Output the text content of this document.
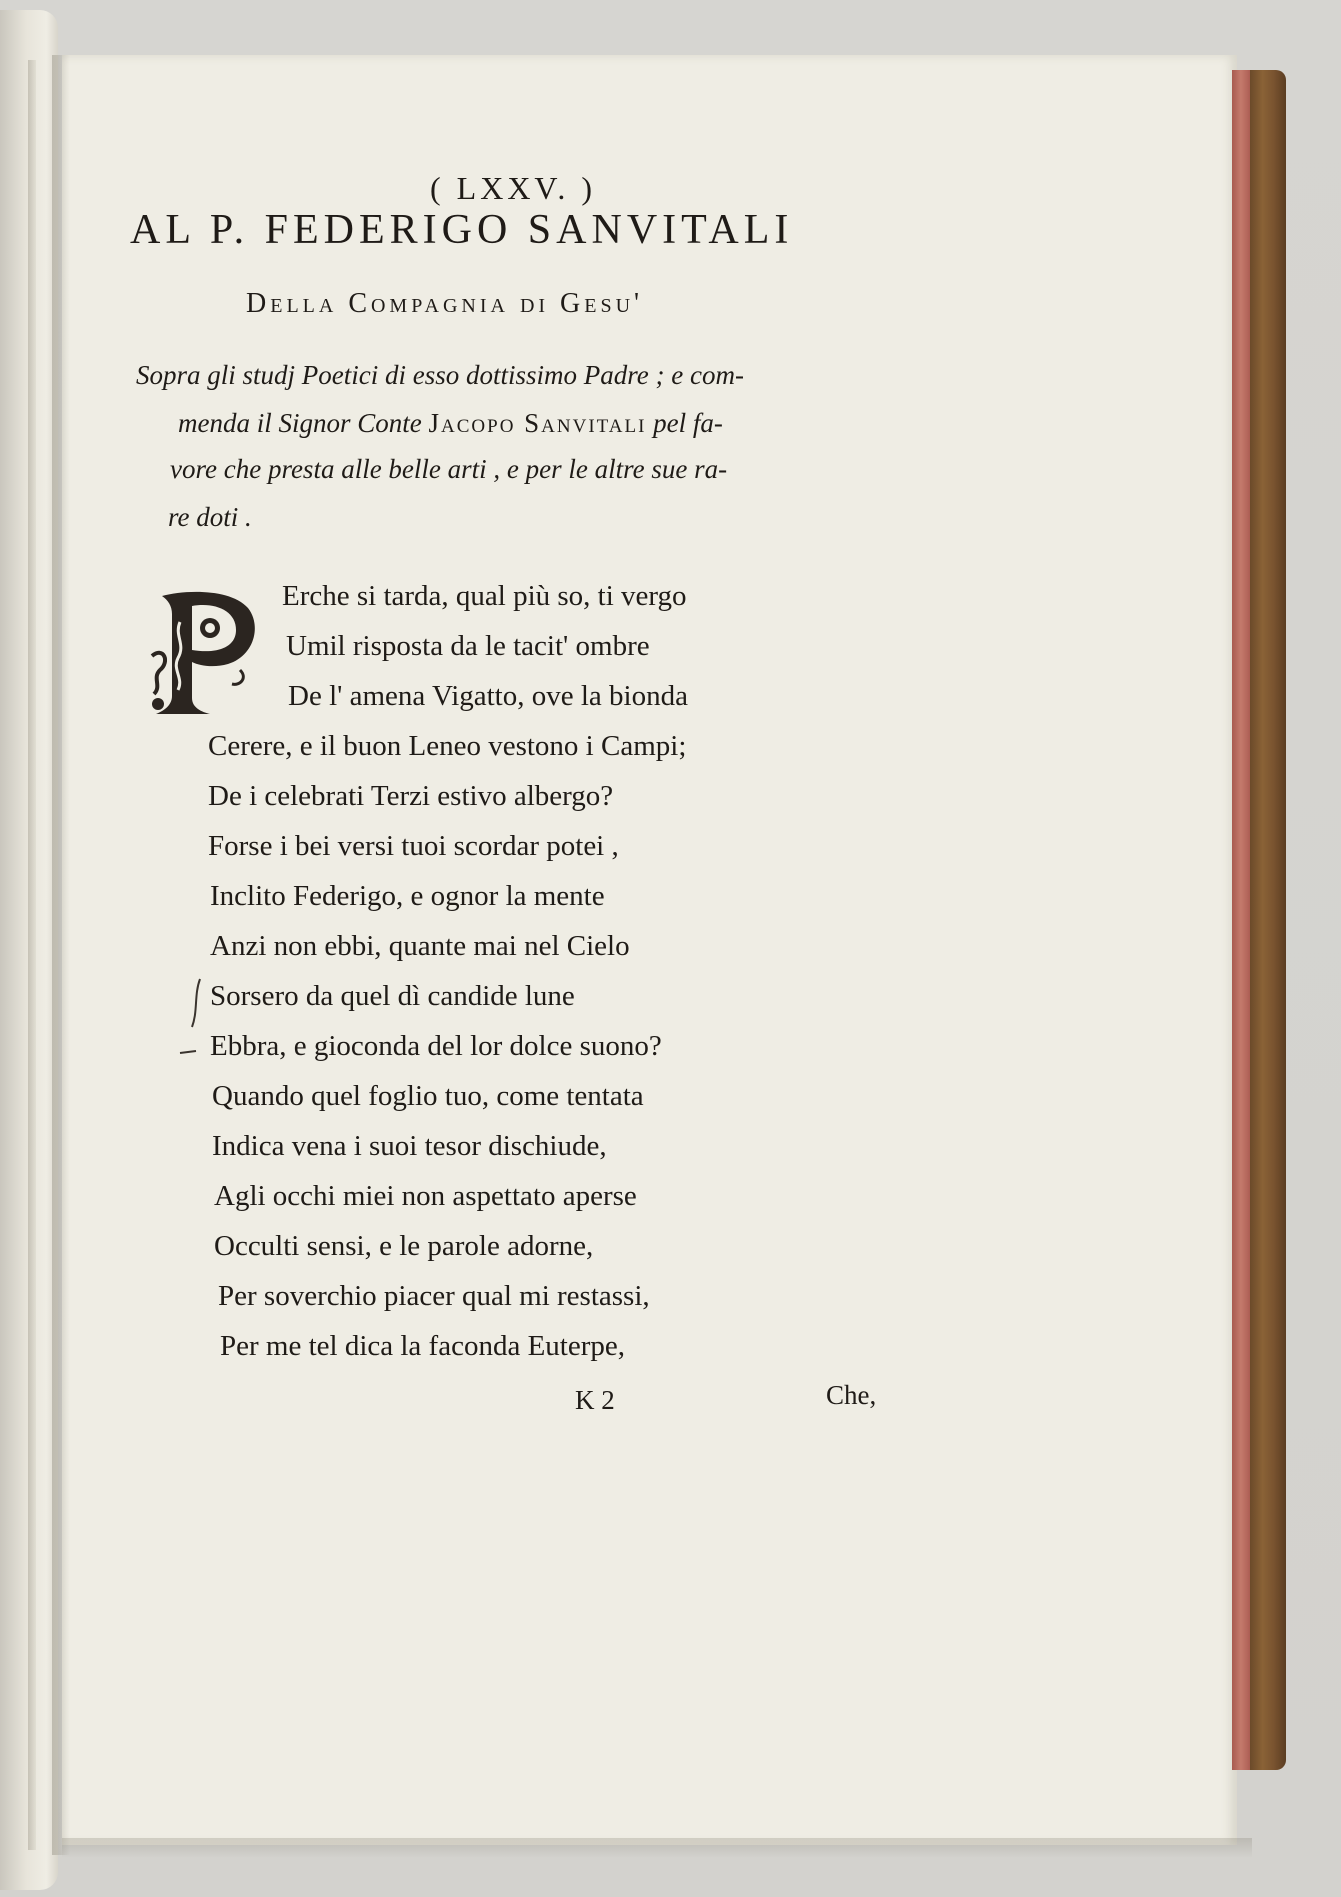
( LXXV. )
AL P. FEDERIGO SANVITALI
Della Compagnia di Gesu'
Sopra gli studj Poetici di esso dottissimo Padre ; e com-
menda il Signor Conte Jacopo Sanvitali pel fa-
vore che presta alle belle arti , e per le altre sue ra-
re doti .
Erche si tarda, qual più so, ti vergo
Umil risposta da le tacit' ombre
De l' amena Vigatto, ove la bionda
Cerere, e il buon Leneo vestono i Campi;
De i celebrati Terzi estivo albergo?
Forse i bei versi tuoi scordar potei ,
Inclito Federigo, e ognor la mente
Anzi non ebbi, quante mai nel Cielo
Sorsero da quel dì candide lune
Ebbra, e gioconda del lor dolce suono?
Quando quel foglio tuo, come tentata
Indica vena i suoi tesor dischiude,
Agli occhi miei non aspettato aperse
Occulti sensi, e le parole adorne,
Per soverchio piacer qual mi restassi,
Per me tel dica la faconda Euterpe,
K 2	Che,
